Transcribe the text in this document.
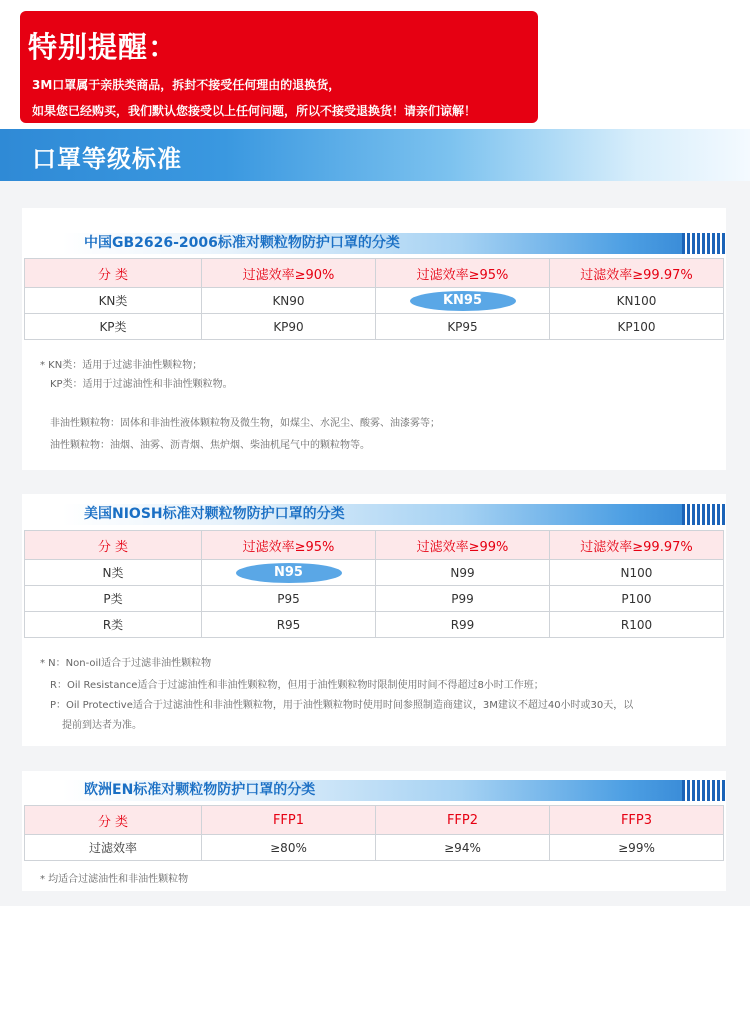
特别提醒：
3M口罩属于亲肤类商品，拆封不接受任何理由的退换货，
如果您已经购买，我们默认您接受以上任何问题，所以不接受退换货！请亲们谅解！
口罩等级标准
中国GB2626-2006标准对颗粒物防护口罩的分类
分 类	过滤效率≥90%	过滤效率≥95%	过滤效率≥99.97%
KN类	KN90	KN95	KN100
KP类	KP90	KP95	KP100
* KN类：适用于过滤非油性颗粒物；
KP类：适用于过滤油性和非油性颗粒物。
非油性颗粒物：固体和非油性液体颗粒物及微生物，如煤尘、水泥尘、酸雾、油漆雾等；
油性颗粒物：油烟、油雾、沥青烟、焦炉烟、柴油机尾气中的颗粒物等。
美国NIOSH标准对颗粒物防护口罩的分类
分 类	过滤效率≥95%	过滤效率≥99%	过滤效率≥99.97%
N类	N95	N99	N100
P类	P95	P99	P100
R类	R95	R99	R100
* N：Non-oil适合于过滤非油性颗粒物
R：Oil Resistance适合于过滤油性和非油性颗粒物，但用于油性颗粒物时限制使用时间不得超过8小时工作班；
P：Oil Protective适合于过滤油性和非油性颗粒物，用于油性颗粒物时使用时间参照制造商建议，3M建议不超过40小时或30天，以
提前到达者为准。
欧洲EN标准对颗粒物防护口罩的分类
分 类	FFP1	FFP2	FFP3
过滤效率	≥80%	≥94%	≥99%
* 均适合过滤油性和非油性颗粒物
